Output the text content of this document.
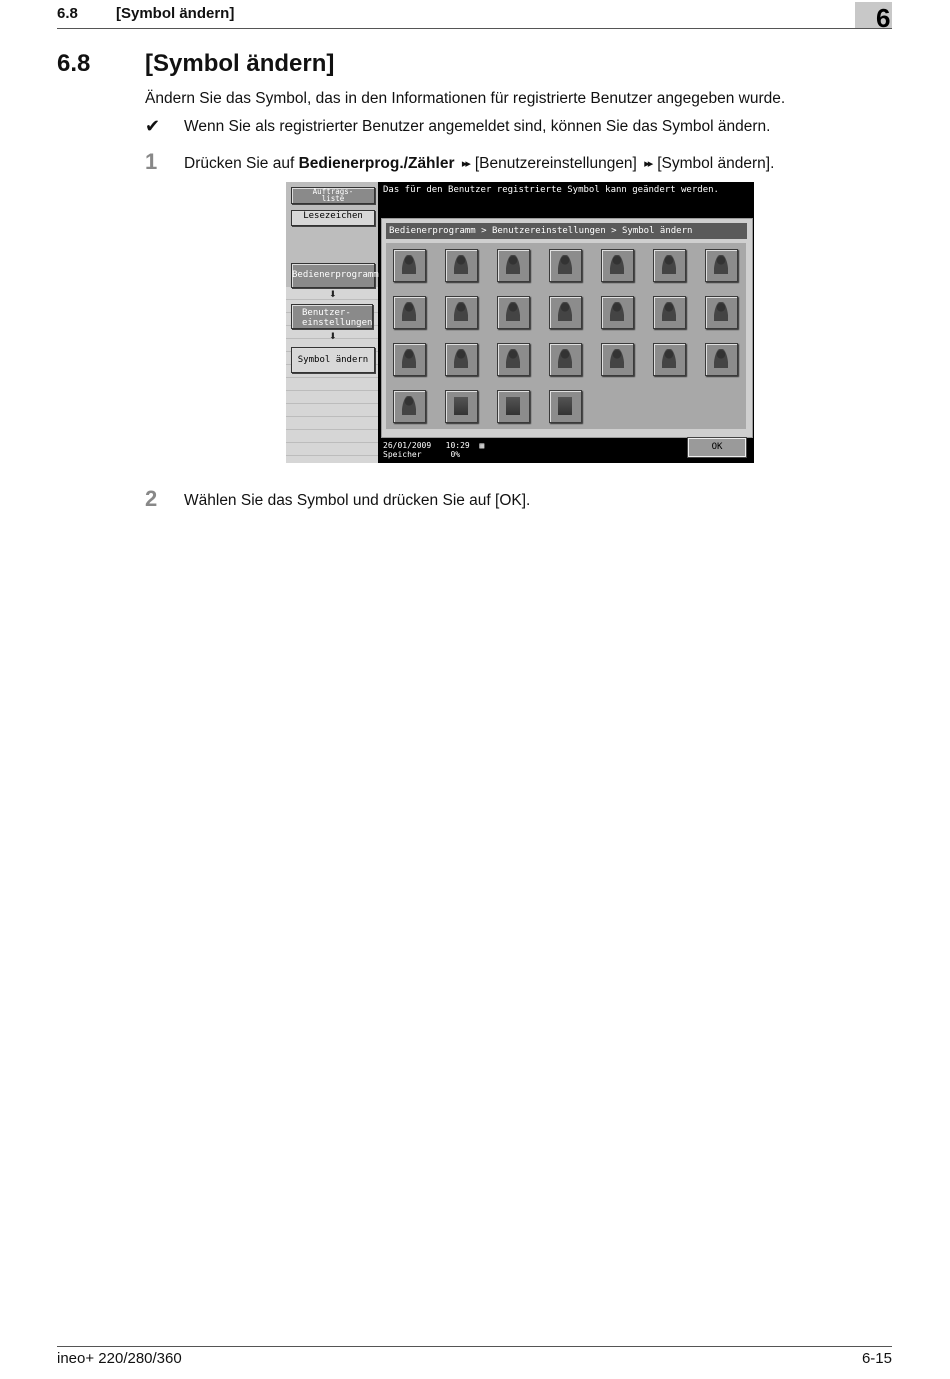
6.8	[Symbol ändern]	6
6.8 [Symbol ändern]
Ändern Sie das Symbol, das in den Informationen für registrierte Benutzer angegeben wurde.
✔ Wenn Sie als registrierter Benutzer angemeldet sind, können Sie das Symbol ändern.
1 Drücken Sie auf Bedienerprog./Zähler ▸▸ [Benutzereinstellungen] ▸▸ [Symbol ändern].
Auftrags-
liste
Lesezeichen
Bedienerprogramm
⬇
Benutzer-
einstellungen
⬇
Symbol ändern
Das für den Benutzer registrierte Symbol kann geändert werden.
Bedienerprogramm > Benutzereinstellungen > Symbol ändern
26/01/2009 10:29 ▦
Speicher	0%
OK
2 Wählen Sie das Symbol und drücken Sie auf [OK].
ineo+ 220/280/360	6-15
